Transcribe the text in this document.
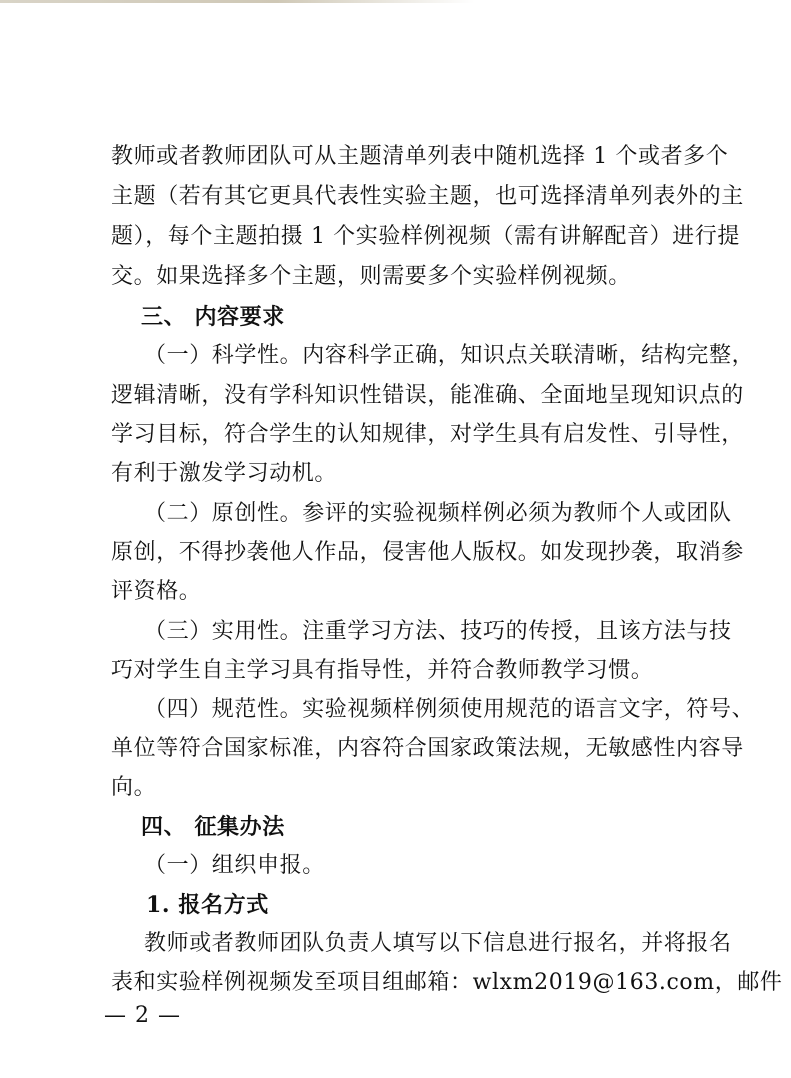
教师或者教师团队可从主题清单列表中随机选择 1 个或者多个
主题（若有其它更具代表性实验主题，也可选择清单列表外的主
题），每个主题拍摄 1 个实验样例视频（需有讲解配音）进行提
交。如果选择多个主题，则需要多个实验样例视频。
三、 内容要求
（一）科学性。内容科学正确，知识点关联清晰，结构完整，
逻辑清晰，没有学科知识性错误，能准确、全面地呈现知识点的
学习目标，符合学生的认知规律，对学生具有启发性、引导性，
有利于激发学习动机。
（二）原创性。参评的实验视频样例必须为教师个人或团队
原创，不得抄袭他人作品，侵害他人版权。如发现抄袭，取消参
评资格。
（三）实用性。注重学习方法、技巧的传授，且该方法与技
巧对学生自主学习具有指导性，并符合教师教学习惯。
（四）规范性。实验视频样例须使用规范的语言文字，符号、
单位等符合国家标准，内容符合国家政策法规，无敏感性内容导
向。
四、 征集办法
（一）组织申报。
1. 报名方式
教师或者教师团队负责人填写以下信息进行报名，并将报名
表和实验样例视频发至项目组邮箱：wlxm2019@163.com，邮件
— 2 —
